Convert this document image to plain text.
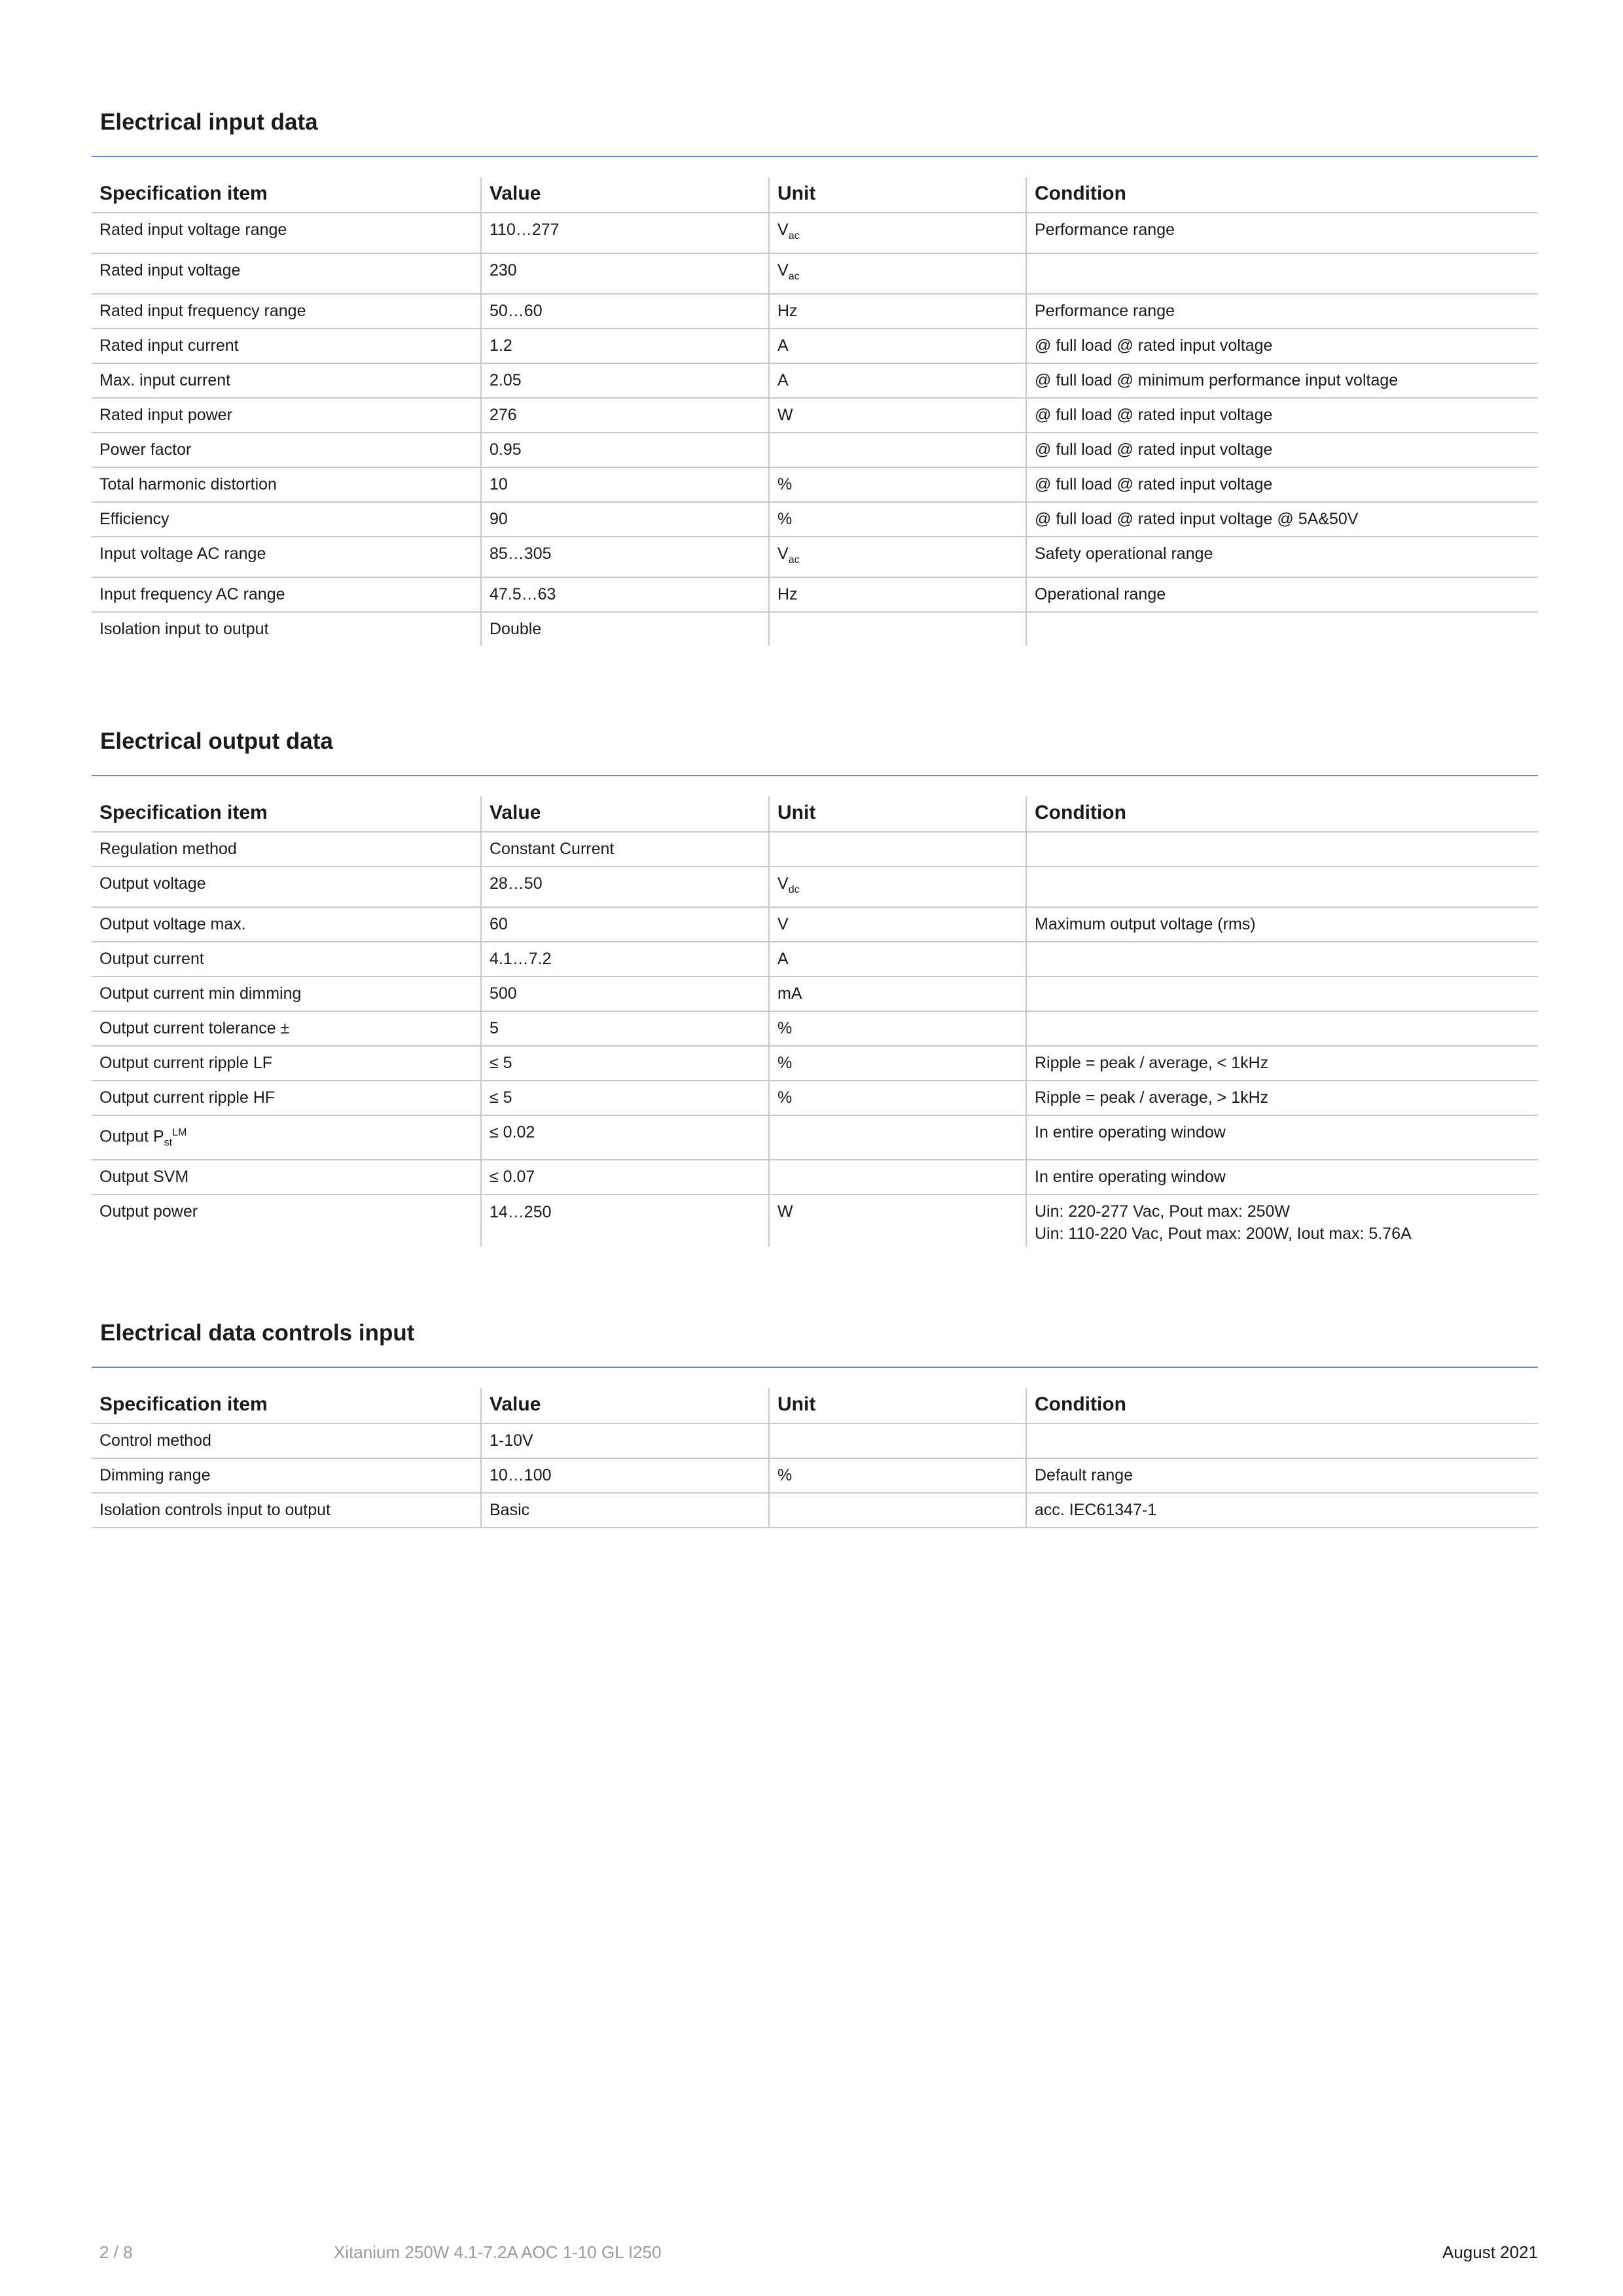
Electrical input data
Specification item	Value	Unit	Condition
Rated input voltage range	110…277	$V_{ac}$	Performance range
Rated input voltage	230	$V_{ac}$	
Rated input frequency range	50…60	Hz	Performance range
Rated input current	1.2	A	@ full load @ rated input voltage
Max. input current	2.05	A	@ full load @ minimum performance input voltage
Rated input power	276	W	@ full load @ rated input voltage
Power factor	0.95		@ full load @ rated input voltage
Total harmonic distortion	10	%	@ full load @ rated input voltage
Efficiency	90	%	@ full load @ rated input voltage @ 5A&50V
Input voltage AC range	85…305	$V_{ac}$	Safety operational range
Input frequency AC range	47.5…63	Hz	Operational range
Isolation input to output	Double		
Electrical output data
Specification item	Value	Unit	Condition
Regulation method	Constant Current		
Output voltage	28…50	$V_{dc}$	
Output voltage max.	60	V	Maximum output voltage (rms)
Output current	4.1…7.2	A	
Output current min dimming	500	mA	
Output current tolerance ±	5	%	
Output current ripple LF	≤ 5	%	Ripple = peak / average, < 1kHz
Output current ripple HF	≤ 5	%	Ripple = peak / average, > 1kHz
Output $P_{st}^{LM}$	≤ 0.02		In entire operating window
Output SVM	≤ 0.07		In entire operating window
Output power	14…250	W	Uin: 220-277 Vac, Pout max: 250W
Uin: 110-220 Vac, Pout max: 200W, Iout max: 5.76A
Electrical data controls input
Specification item	Value	Unit	Condition
Control method	1-10V		
Dimming range	10…100	%	Default range
Isolation controls input to output	Basic		acc. IEC61347-1
2 / 8	Xitanium 250W 4.1-7.2A AOC 1-10 GL I250	August 2021
